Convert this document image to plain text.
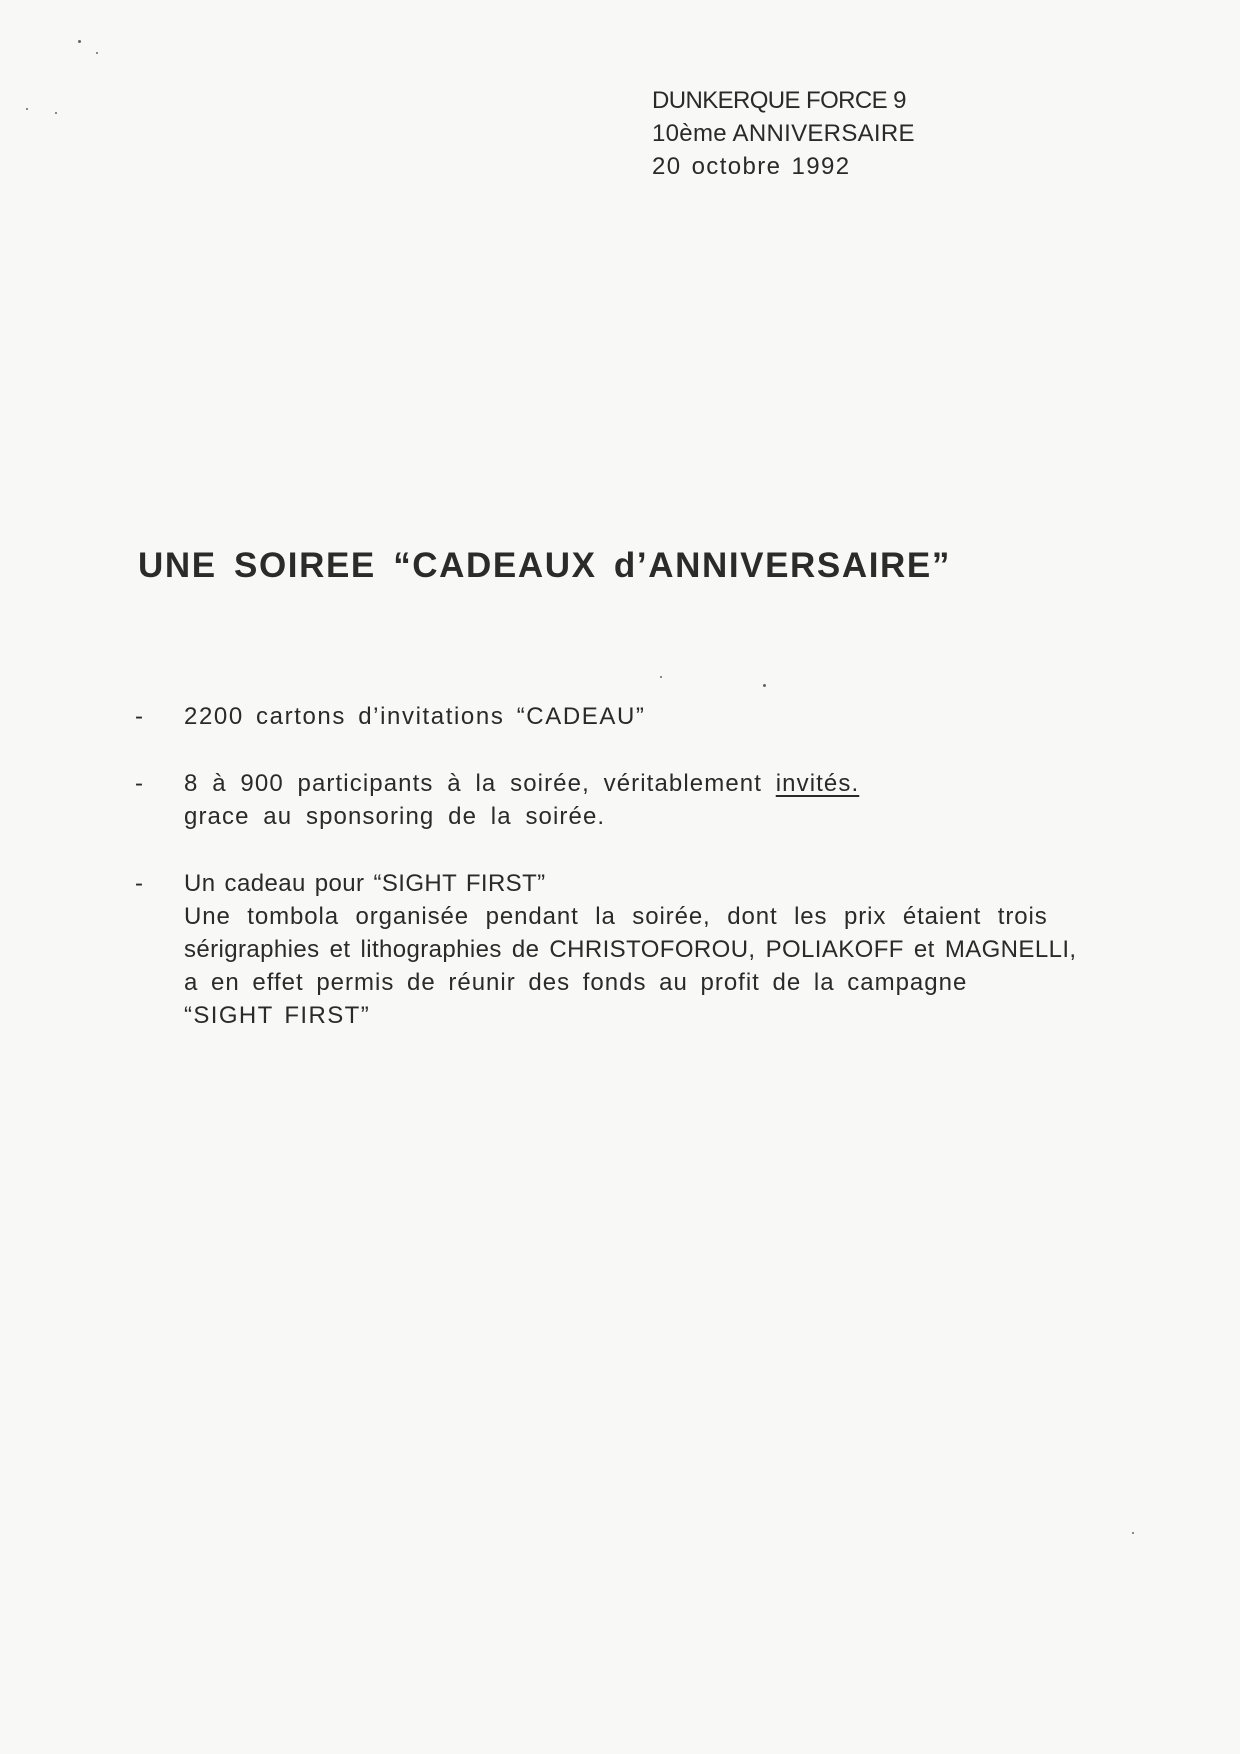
DUNKERQUE FORCE 9
10ème ANNIVERSAIRE
20 octobre 1992
UNE SOIREE “CADEAUX d’ANNIVERSAIRE”
- 2200 cartons d’invitations “CADEAU”
- 8 à 900 participants à la soirée, véritablement invités.
grace au sponsoring de la soirée.
- Un cadeau pour “SIGHT FIRST”
Une tombola organisée pendant la soirée, dont les prix étaient trois
sérigraphies et lithographies de CHRISTOFOROU, POLIAKOFF et MAGNELLI,
a en effet permis de réunir des fonds au profit de la campagne
“SIGHT FIRST”
